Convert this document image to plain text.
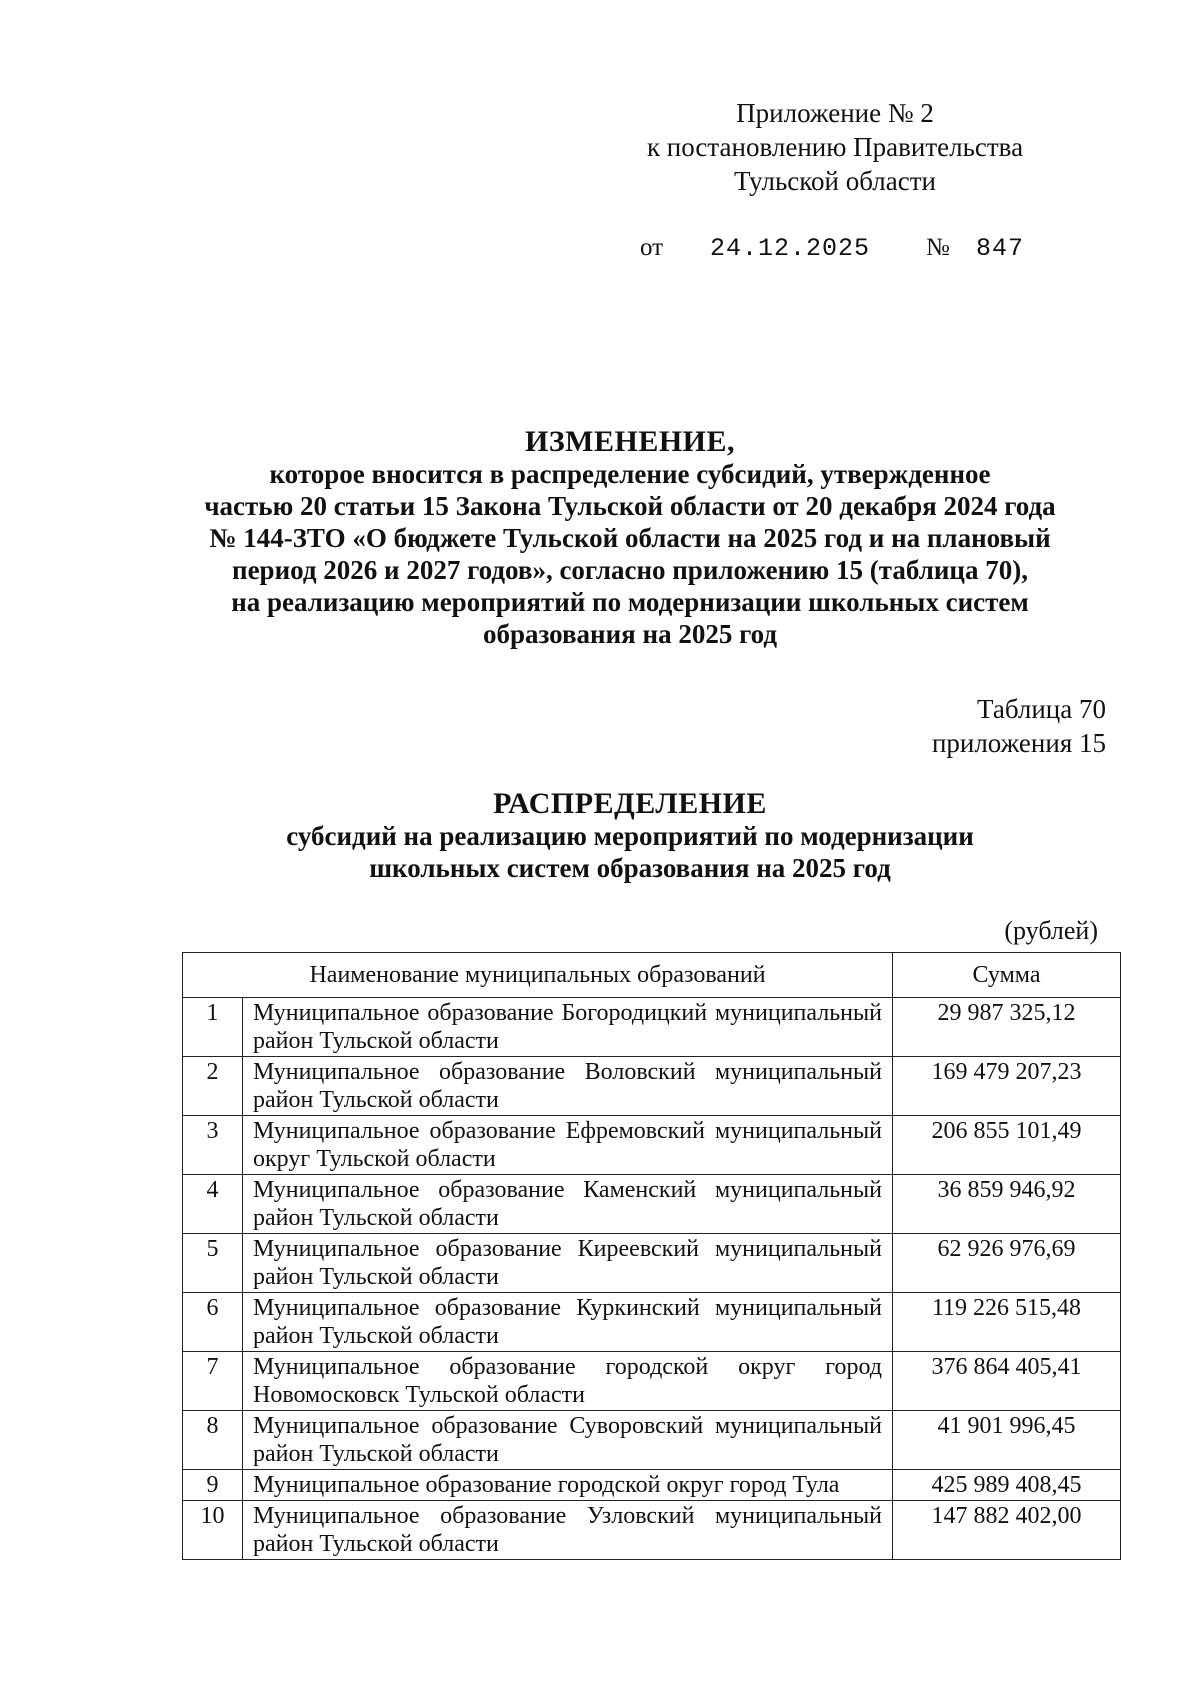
Приложение № 2
к постановлению Правительства
Тульской области
от 24.12.2025 № 847
ИЗМЕНЕНИЕ,
которое вносится в распределение субсидий, утвержденное
частью 20 статьи 15 Закона Тульской области от 20 декабря 2024 года
№ 144-ЗТО «О бюджете Тульской области на 2025 год и на плановый
период 2026 и 2027 годов», согласно приложению 15 (таблица 70),
на реализацию мероприятий по модернизации школьных систем
образования на 2025 год
Таблица 70
приложения 15
РАСПРЕДЕЛЕНИЕ
субсидий на реализацию мероприятий по модернизации
школьных систем образования на 2025 год
(рублей)
Наименование муниципальных образований		Сумма
1	Муниципальное образование Богородицкий муниципальный район Тульской области	29 987 325,12
2	Муниципальное образование Воловский муниципальный район Тульской области	169 479 207,23
3	Муниципальное образование Ефремовский муниципальный округ Тульской области	206 855 101,49
4	Муниципальное образование Каменский муниципальный район Тульской области	36 859 946,92
5	Муниципальное образование Киреевский муниципальный район Тульской области	62 926 976,69
6	Муниципальное образование Куркинский муниципальный район Тульской области	119 226 515,48
7	Муниципальное образование городской округ город Новомосковск Тульской области	376 864 405,41
8	Муниципальное образование Суворовский муниципальный район Тульской области	41 901 996,45
9	Муниципальное образование городской округ город Тула	425 989 408,45
10	Муниципальное образование Узловский муниципальный район Тульской области	147 882 402,00
